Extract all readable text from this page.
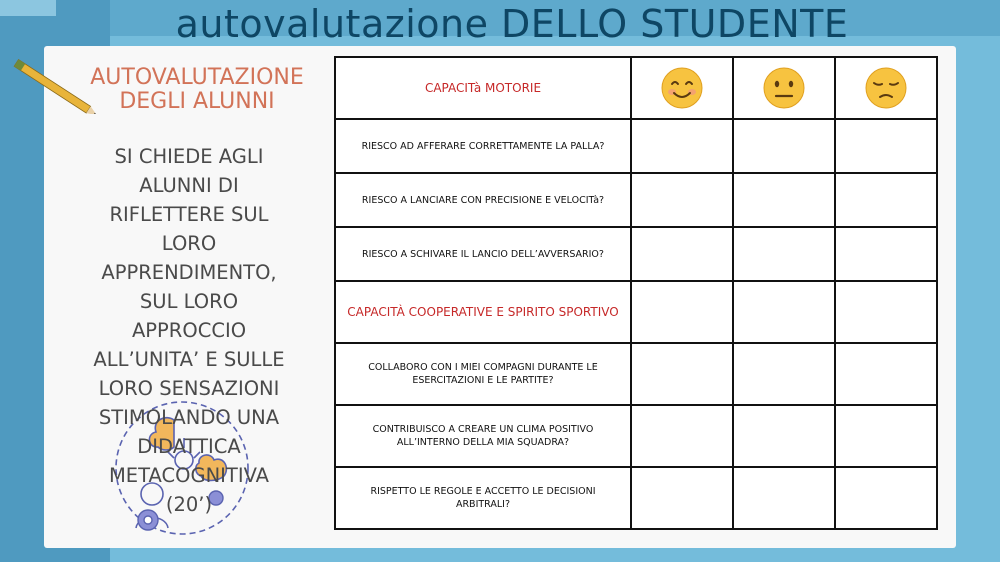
autovalutazione DELLO STUDENTE
AUTOVALUTAZIONE DEGLI ALUNNI
SI CHIEDE AGLI ALUNNI DI RIFLETTERE SUL LORO APPRENDIMENTO, SUL LORO APPROCCIO ALL’UNITA’ E SULLE LORO SENSAZIONI STIMOLANDO UNA DIDATTICA METACOGNITIVA (20’)
CAPACITà MOTORIE			
RIESCO AD AFFERARE CORRETTAMENTE LA PALLA?			
RIESCO A LANCIARE CON PRECISIONE E VELOCITà?			
RIESCO A SCHIVARE IL LANCIO DELL’AVVERSARIO?			
CAPACITÀ COOPERATIVE E SPIRITO SPORTIVO			
COLLABORO CON I MIEI COMPAGNI DURANTE LE ESERCITAZIONI E LE PARTITE?			
CONTRIBUISCO A CREARE UN CLIMA POSITIVO ALL’INTERNO DELLA MIA SQUADRA?			
RISPETTO LE REGOLE E ACCETTO LE DECISIONI ARBITRALI?			
